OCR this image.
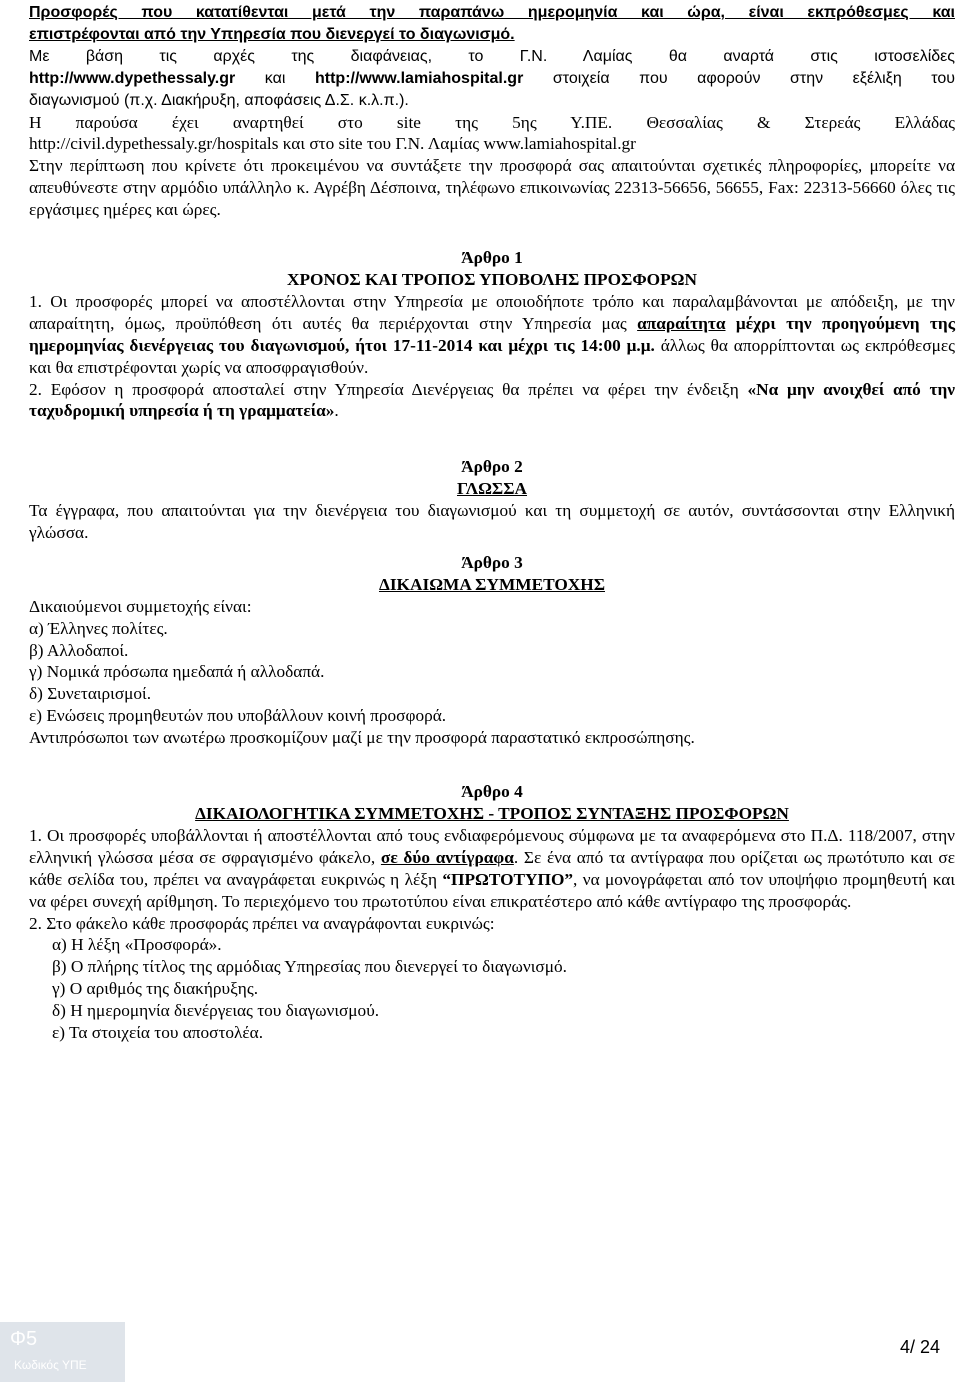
Προσφορές που κατατίθενται μετά την παραπάνω ημερομηνία και ώρα, είναι εκπρόθεσμες και

επιστρέφονται από την Υπηρεσία που διενεργεί το διαγωνισμό.

Με βάση τις αρχές της διαφάνειας, το Γ.Ν. Λαμίας θα αναρτά στις ιστοσελίδες

http://www.dypethessaly.gr και http://www.lamiahospital.gr στοιχεία που αφορούν στην εξέλιξη του

διαγωνισμού (π.χ. Διακήρυξη, αποφάσεις Δ.Σ. κ.λ.π.).

Η παρούσα έχει αναρτηθεί στο site της 5ης Υ.ΠΕ. Θεσσαλίας & Στερεάς Ελλάδας

http://civil.dypethessaly.gr/hospitals και στο site του Γ.Ν. Λαμίας www.lamiahospital.gr

Στην περίπτωση που κρίνετε ότι προκειμένου να συντάξετε την προσφορά σας απαιτούνται σχετικές πληροφορίες, μπορείτε να απευθύνεστε στην αρμόδιο υπάλληλο κ. Αγρέβη Δέσποινα, τηλέφωνο επικοινωνίας 22313-56656, 56655, Fax: 22313-56660 όλες τις εργάσιμες ημέρες και ώρες.

Άρθρο 1

ΧΡΟΝΟΣ ΚΑΙ ΤΡΟΠΟΣ ΥΠΟΒΟΛΗΣ ΠΡΟΣΦΟΡΩΝ

1. Οι προσφορές μπορεί να αποστέλλονται στην Υπηρεσία με οποιοδήποτε τρόπο και παραλαμβάνονται με απόδειξη, με την απαραίτητη, όμως, προϋπόθεση ότι αυτές θα περιέρχονται στην Υπηρεσία μας απαραίτητα μέχρι την προηγούμενη της ημερομηνίας διενέργειας του διαγωνισμού, ήτοι 17-11-2014 και μέχρι τις 14:00 μ.μ. άλλως θα απορρίπτονται ως εκπρόθεσμες και θα επιστρέφονται χωρίς να αποσφραγισθούν.

2. Εφόσον η προσφορά αποσταλεί στην Υπηρεσία Διενέργειας θα πρέπει να φέρει την ένδειξη «Να μην ανοιχθεί από την ταχυδρομική υπηρεσία ή τη γραμματεία».

Άρθρο 2

ΓΛΩΣΣΑ

Τα έγγραφα, που απαιτούνται για την διενέργεια του διαγωνισμού και τη συμμετοχή σε αυτόν, συντάσσονται στην Ελληνική γλώσσα.

Άρθρο 3

ΔΙΚΑΙΩΜΑ ΣΥΜΜΕΤΟΧΗΣ

Δικαιούμενοι συμμετοχής είναι:

α) Έλληνες πολίτες.

β) Αλλοδαποί.

γ) Νομικά πρόσωπα ημεδαπά ή αλλοδαπά.

δ) Συνεταιρισμοί.

ε) Ενώσεις προμηθευτών που υποβάλλουν κοινή προσφορά.

Αντιπρόσωποι των ανωτέρω προσκομίζουν μαζί με την προσφορά παραστατικό εκπροσώπησης.

Άρθρο 4

ΔΙΚΑΙΟΛΟΓΗΤΙΚΑ ΣΥΜΜΕΤΟΧΗΣ - ΤΡΟΠΟΣ ΣΥΝΤΑΞΗΣ ΠΡΟΣΦΟΡΩΝ

1. Οι προσφορές υποβάλλονται ή αποστέλλονται από τους ενδιαφερόμενους σύμφωνα με τα αναφερόμενα στο Π.Δ. 118/2007, στην ελληνική γλώσσα μέσα σε σφραγισμένο φάκελο, σε δύο αντίγραφα. Σε ένα από τα αντίγραφα που ορίζεται ως πρωτότυπο και σε κάθε σελίδα του, πρέπει να αναγράφεται ευκρινώς η λέξη “ΠΡΩΤΟΤΥΠΟ”, να μονογράφεται από τον υποψήφιο προμηθευτή και να φέρει συνεχή αρίθμηση. Το περιεχόμενο του πρωτοτύπου είναι επικρατέστερο από κάθε αντίγραφο της προσφοράς.

2. Στο φάκελο κάθε προσφοράς πρέπει να αναγράφονται ευκρινώς:

α) Η λέξη «Προσφορά».

β) Ο πλήρης τίτλος της αρμόδιας Υπηρεσίας που διενεργεί το διαγωνισμό.

γ) Ο αριθμός της διακήρυξης.

δ) Η ημερομηνία διενέργειας του διαγωνισμού.

ε) Τα στοιχεία του αποστολέα.

Φ5
Κωδικός ΥΠΕ
4/ 24
